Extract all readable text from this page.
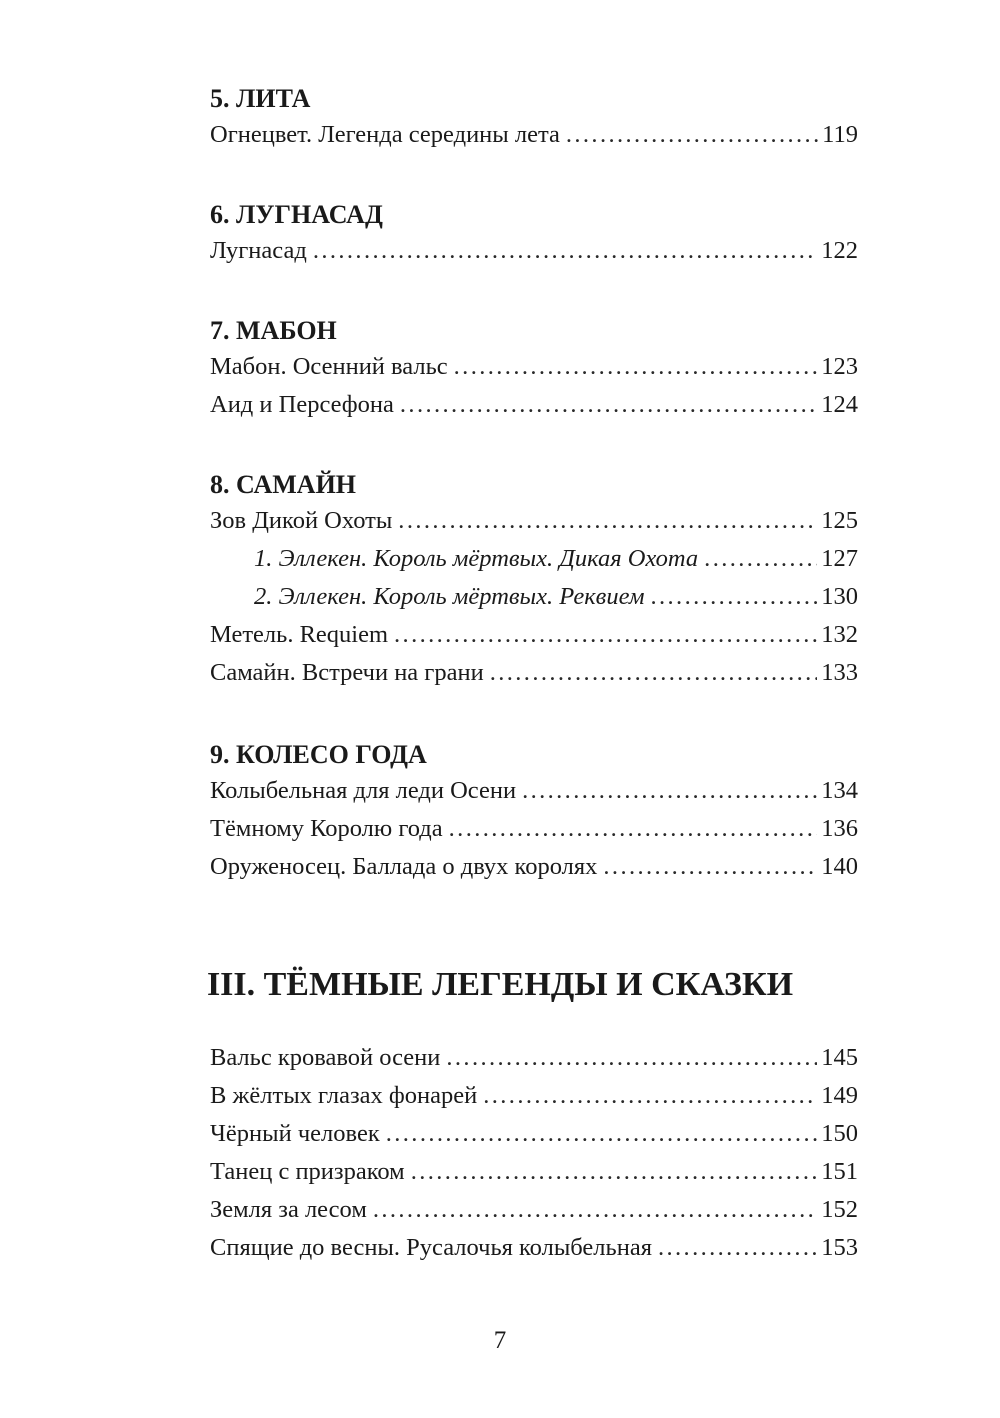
5. ЛИТА
Огнецвет. Легенда середины лета .....	119
6. ЛУГНАСАД
Лугнасад .....	122
7. МАБОН
Мабон. Осенний вальс .....	123
Аид и Персефона .....	124
8. САМАЙН
Зов Дикой Охоты .....	125
1. Эллекен. Король мёртвых. Дикая Охота .....	127
2. Эллекен. Король мёртвых. Реквием .....	130
Метель. Requiem .....	132
Самайн. Встречи на грани .....	133
9. КОЛЕСО ГОДА
Колыбельная для леди Осени .....	134
Тёмному Королю года .....	136
Оруженосец. Баллада о двух королях .....	140
III. ТЁМНЫЕ ЛЕГЕНДЫ И СКАЗКИ
Вальс кровавой осени .....	145
В жёлтых глазах фонарей .....	149
Чёрный человек .....	150
Танец с призраком .....	151
Земля за лесом .....	152
Спящие до весны. Русалочья колыбельная .....	153
7
